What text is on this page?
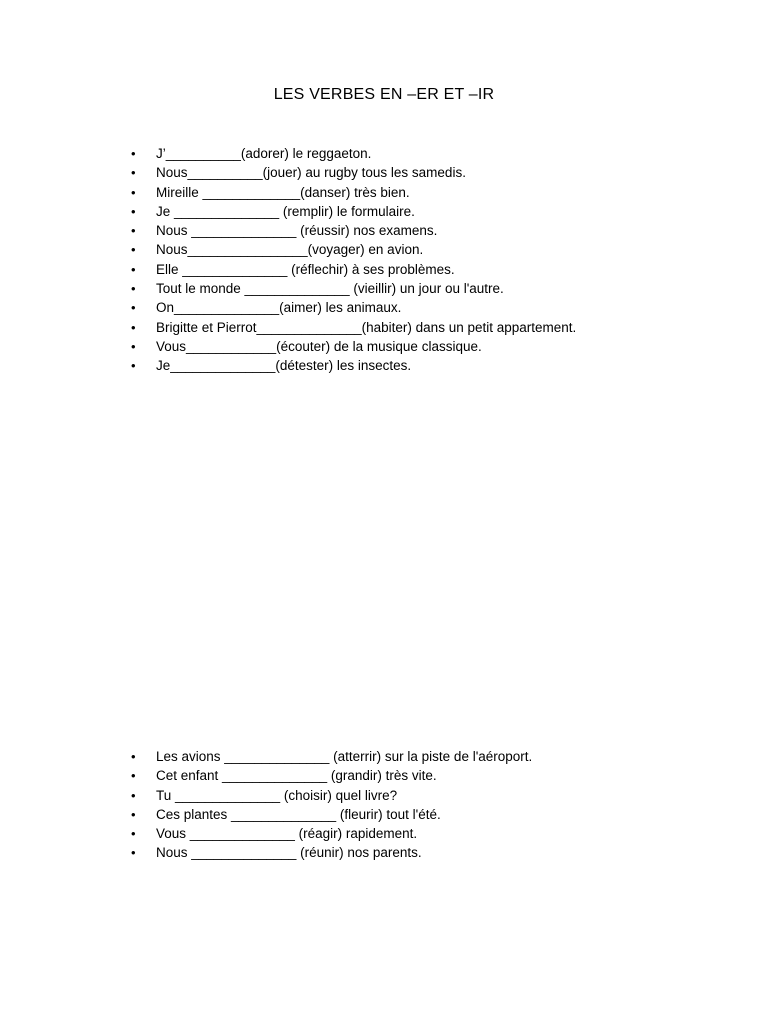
LES VERBES EN –ER ET –IR
•	J’__________(adorer) le reggaeton.
•	Nous__________(jouer) au rugby tous les samedis.
•	Mireille _____________(danser) très bien.
•	Je ______________ (remplir) le formulaire.
•	Nous ______________ (réussir) nos examens.
•	Nous________________(voyager) en avion.
•	Elle ______________ (réflechir) à ses problèmes.
•	Tout le monde ______________ (vieillir) un jour ou l'autre.
•	On______________(aimer) les animaux.
•	Brigitte et Pierrot______________(habiter) dans un petit appartement.
•	Vous____________(écouter) de la musique classique.
•	Je______________(détester) les insectes.
•	Les avions ______________ (atterrir) sur la piste de l'aéroport.
•	Cet enfant ______________ (grandir) très vite.
•	Tu ______________ (choisir) quel livre?
•	Ces plantes ______________ (fleurir) tout l'été.
•	Vous ______________ (réagir) rapidement.
•	Nous ______________ (réunir) nos parents.
